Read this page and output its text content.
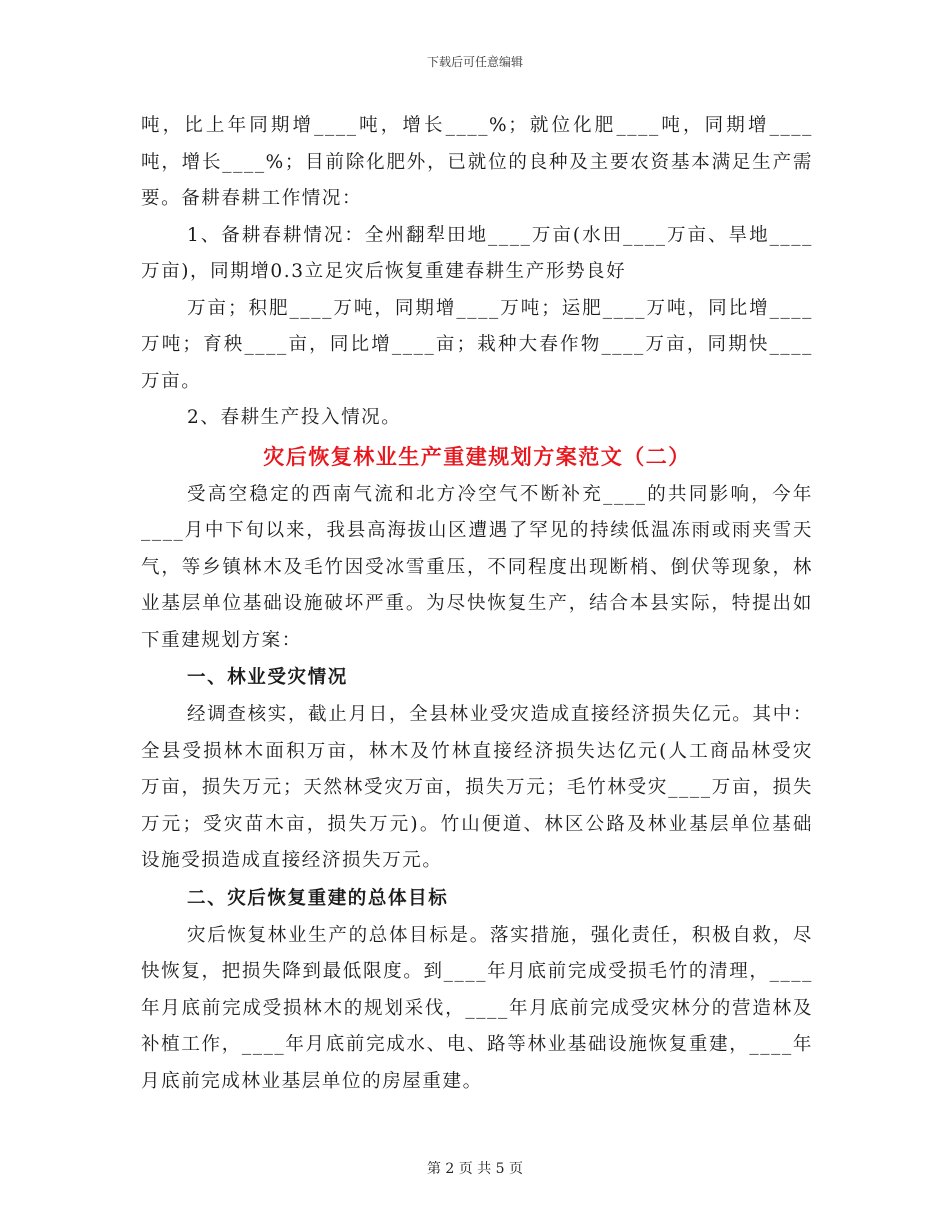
下载后可任意编辑

吨，比上年同期增____吨，增长____%；就位化肥____吨，同期增____吨，增长____%；目前除化肥外，已就位的良种及主要农资基本满足生产需要。备耕春耕工作情况：

1、备耕春耕情况：全州翻犁田地____万亩(水田____万亩、旱地____万亩)，同期增0.3立足灾后恢复重建春耕生产形势良好

万亩；积肥____万吨，同期增____万吨；运肥____万吨，同比增____万吨；育秧____亩，同比增____亩；栽种大春作物____万亩，同期快____万亩。

2、春耕生产投入情况。

灾后恢复林业生产重建规划方案范文（二）

受高空稳定的西南气流和北方冷空气不断补充____的共同影响，今年____月中下旬以来，我县高海拔山区遭遇了罕见的持续低温冻雨或雨夹雪天气，等乡镇林木及毛竹因受冰雪重压，不同程度出现断梢、倒伏等现象，林业基层单位基础设施破坏严重。为尽快恢复生产，结合本县实际，特提出如下重建规划方案：

一、林业受灾情况

经调查核实，截止月日，全县林业受灾造成直接经济损失亿元。其中：全县受损林木面积万亩，林木及竹林直接经济损失达亿元(人工商品林受灾万亩，损失万元；天然林受灾万亩，损失万元；毛竹林受灾____万亩，损失万元；受灾苗木亩，损失万元)。竹山便道、林区公路及林业基层单位基础设施受损造成直接经济损失万元。

二、灾后恢复重建的总体目标

灾后恢复林业生产的总体目标是。落实措施，强化责任，积极自救，尽快恢复，把损失降到最低限度。到____年月底前完成受损毛竹的清理，____年月底前完成受损林木的规划采伐，____年月底前完成受灾林分的营造林及补植工作，____年月底前完成水、电、路等林业基础设施恢复重建，____年月底前完成林业基层单位的房屋重建。

第 2 页 共 5 页
